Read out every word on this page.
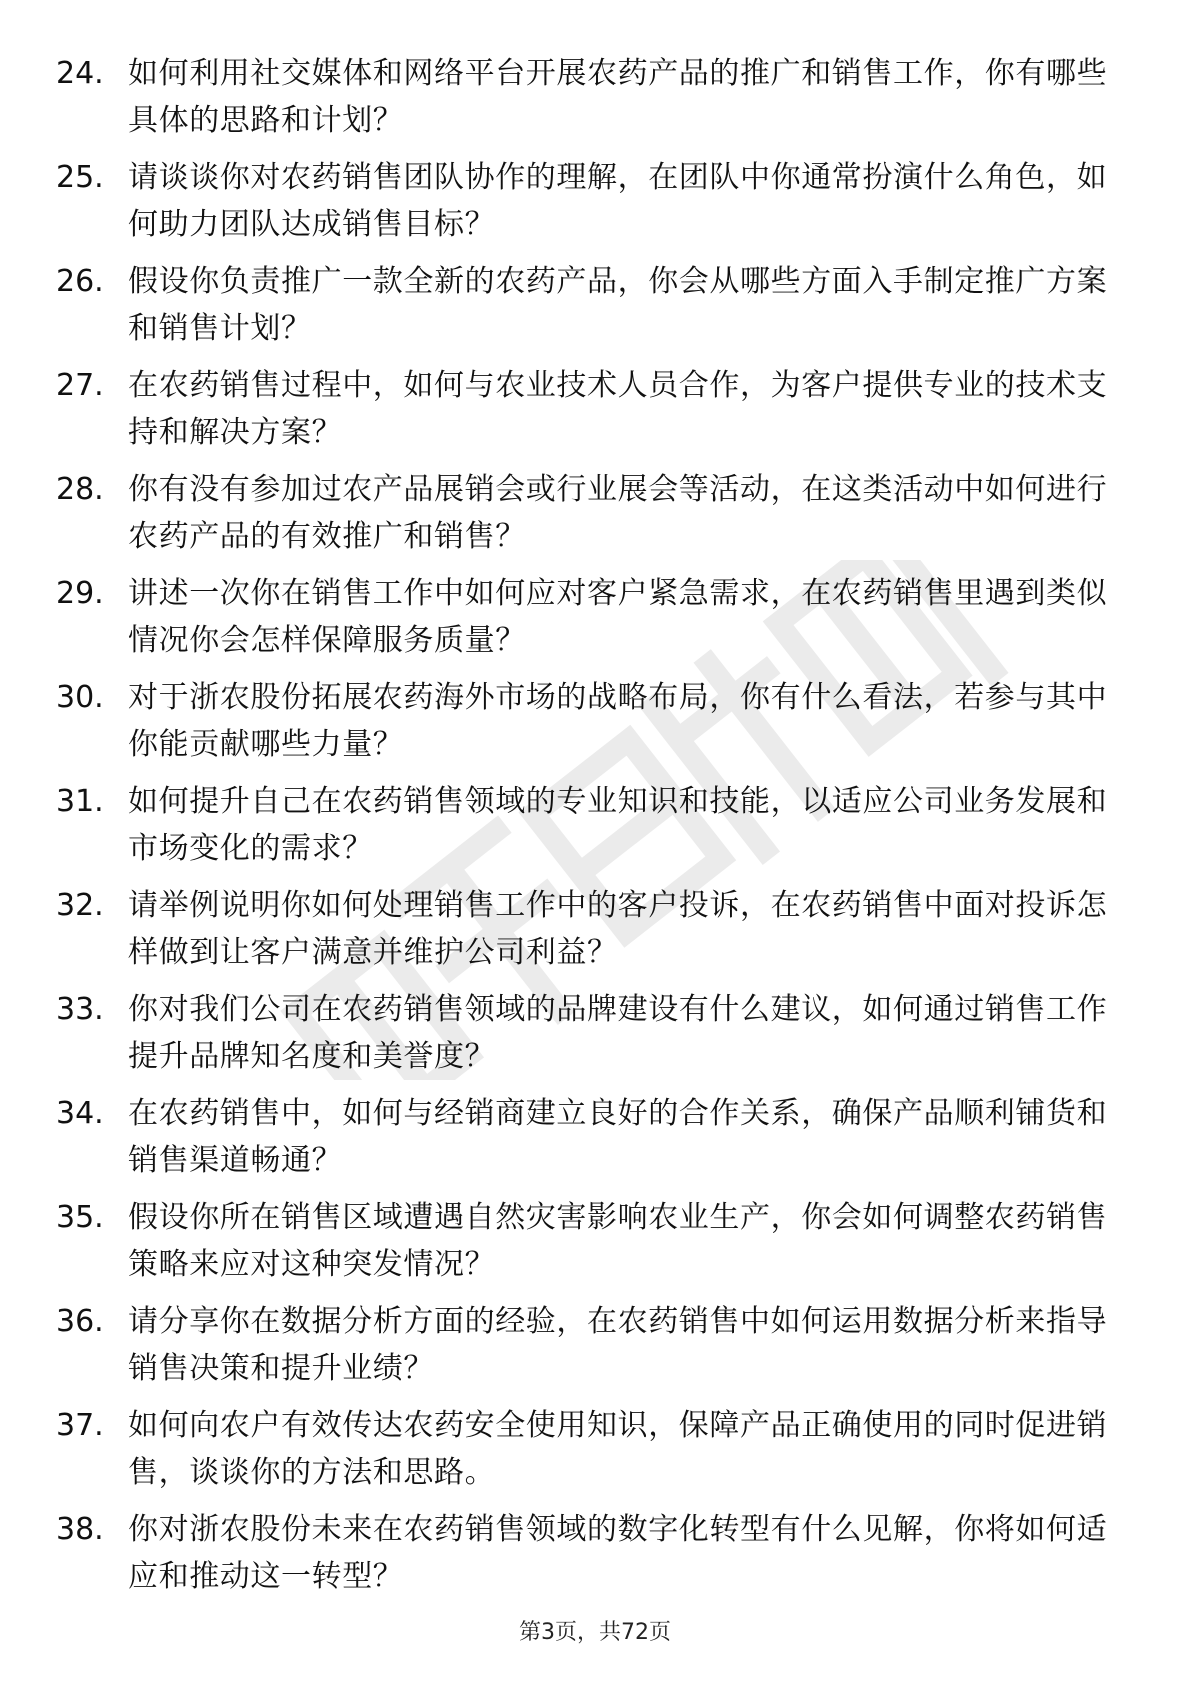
24. 如何利用社交媒体和网络平台开展农药产品的推广和销售工作，你有哪些具体的思路和计划？
25. 请谈谈你对农药销售团队协作的理解，在团队中你通常扮演什么角色，如何助力团队达成销售目标？
26. 假设你负责推广一款全新的农药产品，你会从哪些方面入手制定推广方案和销售计划？
27. 在农药销售过程中，如何与农业技术人员合作，为客户提供专业的技术支持和解决方案？
28. 你有没有参加过农产品展销会或行业展会等活动，在这类活动中如何进行农药产品的有效推广和销售？
29. 讲述一次你在销售工作中如何应对客户紧急需求，在农药销售里遇到类似情况你会怎样保障服务质量？
30. 对于浙农股份拓展农药海外市场的战略布局，你有什么看法，若参与其中你能贡献哪些力量？
31. 如何提升自己在农药销售领域的专业知识和技能，以适应公司业务发展和市场变化的需求？
32. 请举例说明你如何处理销售工作中的客户投诉，在农药销售中面对投诉怎样做到让客户满意并维护公司利益？
33. 你对我们公司在农药销售领域的品牌建设有什么建议，如何通过销售工作提升品牌知名度和美誉度？
34. 在农药销售中，如何与经销商建立良好的合作关系，确保产品顺利铺货和销售渠道畅通？
35. 假设你所在销售区域遭遇自然灾害影响农业生产，你会如何调整农药销售策略来应对这种突发情况？
36. 请分享你在数据分析方面的经验，在农药销售中如何运用数据分析来指导销售决策和提升业绩？
37. 如何向农户有效传达农药安全使用知识，保障产品正确使用的同时促进销售，谈谈你的方法和思路。
38. 你对浙农股份未来在农药销售领域的数字化转型有什么见解，你将如何适应和推动这一转型？
第3页，共72页
